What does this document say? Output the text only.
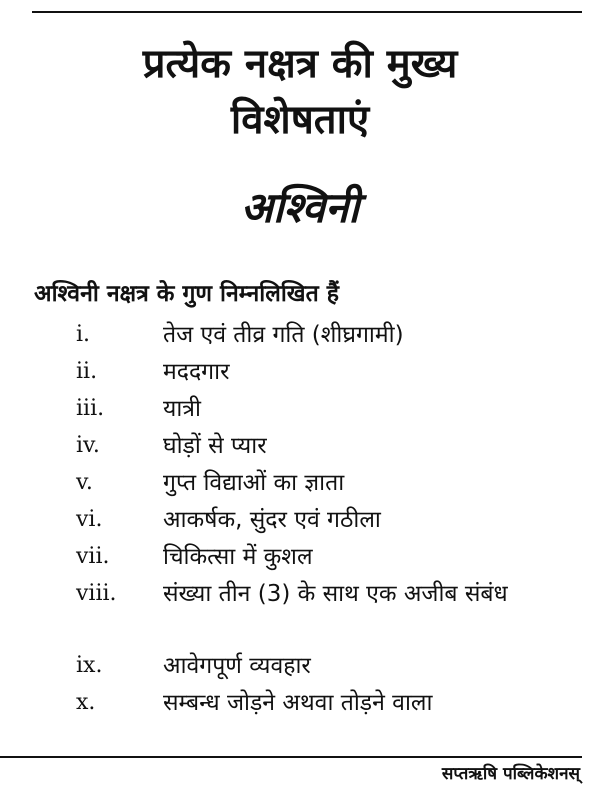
प्रत्येक नक्षत्र की मुख्य
विशेषताएं
अश्विनी
अश्विनी नक्षत्र के गुण निम्नलिखित हैं
i.	तेज एवं तीव्र गति (शीघ्रगामी)
ii.	मददगार
iii.	यात्री
iv.	घोड़ों से प्यार
v.	गुप्त विद्याओं का ज्ञाता
vi.	आकर्षक, सुंदर एवं गठीला
vii. चिकित्सा में कुशल
viii. संख्या तीन (3) के साथ एक अजीब संबंध
ix.	आवेगपूर्ण व्यवहार
x.	सम्बन्ध जोड़ने अथवा तोड़ने वाला
सप्तऋषि पब्लिकेशनस्
